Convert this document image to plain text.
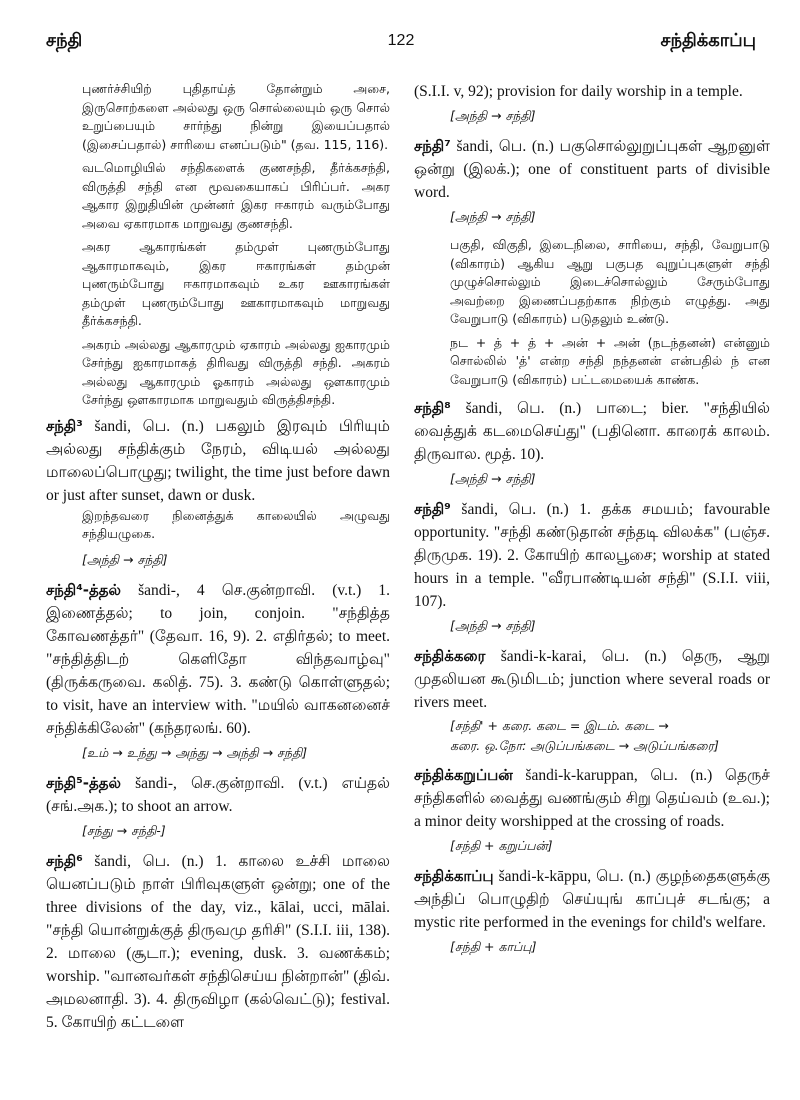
சந்தி	122	சந்திக்காப்பு

புணர்ச்சியிற் புதிதாய்த் தோன்றும் அசை, இருசொற்களை அல்லது ஒரு சொல்லையும் ஒரு சொல் உறுப்பையும் சார்ந்து நின்று இயைப்பதால் (இசைப்பதால்) சாரியை எனப்படும்" (தவ. 115, 116).

வடமொழியில் சந்திகளைக் குணசந்தி, தீர்க்கசந்தி, விருத்தி சந்தி என மூவகையாகப் பிரிப்பர். அகர ஆகார இறுதியின் முன்னர் இகர ஈகாரம் வரும்போது அவை ஏகாரமாக மாறுவது குணசந்தி.

அகர ஆகாரங்கள் தம்முள் புணரும்போது ஆகாரமாகவும், இகர ஈகாரங்கள் தம்முன் புணரும்போது ஈகாரமாகவும் உகர ஊகாரங்கள் தம்முள் புணரும்போது ஊகாரமாகவும் மாறுவது தீர்க்கசந்தி.

அகரம் அல்லது ஆகாரமும் ஏகாரம் அல்லது ஐகாரமும் சேர்ந்து ஐகாரமாகத் திரிவது விருத்தி சந்தி. அகரம் அல்லது ஆகாரமும் ஓகாரம் அல்லது ஔகாரமும் சேர்ந்து ஔகாரமாக மாறுவதும் விருத்திசந்தி.

சந்தி³ šandi, பெ. (n.) பகலும் இரவும் பிரியும் அல்லது சந்திக்கும் நேரம், விடியல் அல்லது மாலைப்பொழுது; twilight, the time just before dawn or just after sunset, dawn or dusk.
இறந்தவரை நினைத்துக் காலையில் அழுவது சந்தியழுகை.
[அந்தி → சந்தி]
சந்தி⁴-த்தல் šandi-, 4 செ.குன்றாவி. (v.t.) 1. இணைத்தல்; to join, conjoin. "சந்தித்த கோவணத்தர்" (தேவா. 16, 9). 2. எதிர்தல்; to meet. "சந்தித்திடற் கெளிதோ விந்தவாழ்வு" (திருக்கருவை. கலித். 75). 3. கண்டு கொள்ளுதல்; to visit, have an interview with. "மயில் வாகனனைச் சந்திக்கிலேன்" (கந்தரலங். 60).
[உம் → உந்து → அந்து → அந்தி → சந்தி]
சந்தி⁵-த்தல் šandi-, செ.குன்றாவி. (v.t.) எய்தல் (சங்.அக.); to shoot an arrow.
[சந்து → சந்தி-]
சந்தி⁶ šandi, பெ. (n.) 1. காலை உச்சி மாலை யெனப்படும் நாள் பிரிவுகளுள் ஒன்று; one of the three divisions of the day, viz., kālai, ucci, mālai. "சந்தி யொன்றுக்குத் திருவமு தரிசி" (S.I.I. iii, 138). 2. மாலை (சூடா.); evening, dusk. 3. வணக்கம்; worship. "வானவர்கள் சந்திசெய்ய நின்றான்" (திவ். அமலனாதி. 3). 4. திருவிழா (கல்வெட்டு); festival. 5. கோயிற் கட்டளை
(S.I.I. v, 92); provision for daily worship in a temple.
[அந்தி → சந்தி]
சந்தி⁷ šandi, பெ. (n.) பகுசொல்லுறுப்புகள் ஆறனுள் ஒன்று (இலக்.); one of constituent parts of divisible word.
[அந்தி → சந்தி]
பகுதி, விகுதி, இடைநிலை, சாரியை, சந்தி, வேறுபாடு (விகாரம்) ஆகிய ஆறு பகுபத வுறுப்புகளுள் சந்தி முழுச்சொல்லும் இடைச்சொல்லும் சேரும்போது அவற்றை இணைப்பதற்காக நிற்கும் எழுத்து. அது வேறுபாடு (விகாரம்) படுதலும் உண்டு.
நட + த் + த் + அன் + அன் (நடந்தனன்) என்னும் சொல்லில் 'த்' என்ற சந்தி நந்தனன் என்பதில் ந் என வேறுபாடு (விகாரம்) பட்டமையைக் காண்க.
சந்தி⁸ šandi, பெ. (n.) பாடை; bier. "சந்தியில் வைத்துக் கடமைசெய்து" (பதினொ. காரைக் காலம். திருவால. மூத். 10).
[அந்தி → சந்தி]
சந்தி⁹ šandi, பெ. (n.) 1. தக்க சமயம்; favourable opportunity. "சந்தி கண்டுதான் சந்தடி விலக்க" (பஞ்ச. திருமுக. 19). 2. கோயிற் காலபூசை; worship at stated hours in a temple. "வீரபாண்டியன் சந்தி" (S.I.I. viii, 107).
[அந்தி → சந்தி]
சந்திக்கரை šandi-k-karai, பெ. (n.) தெரு, ஆறு முதலியன கூடுமிடம்; junction where several roads or rivers meet.
[சந்தி' + கரை. கடை = இடம். கடை →
கரை. ஒ.நோ: அடுப்பங்கடை → அடுப்பங்கரை]
சந்திக்கறுப்பன் šandi-k-karuppan, பெ. (n.) தெருச் சந்திகளில் வைத்து வணங்கும் சிறு தெய்வம் (உவ.); a minor deity worshipped at the crossing of roads.
[சந்தி + கறுப்பன்]
சந்திக்காப்பு šandi-k-kāppu, பெ. (n.) குழந்தைகளுக்கு அந்திப் பொழுதிற் செய்யுங் காப்புச் சடங்கு; a mystic rite performed in the evenings for child's welfare.
[சந்தி + காப்பு]
